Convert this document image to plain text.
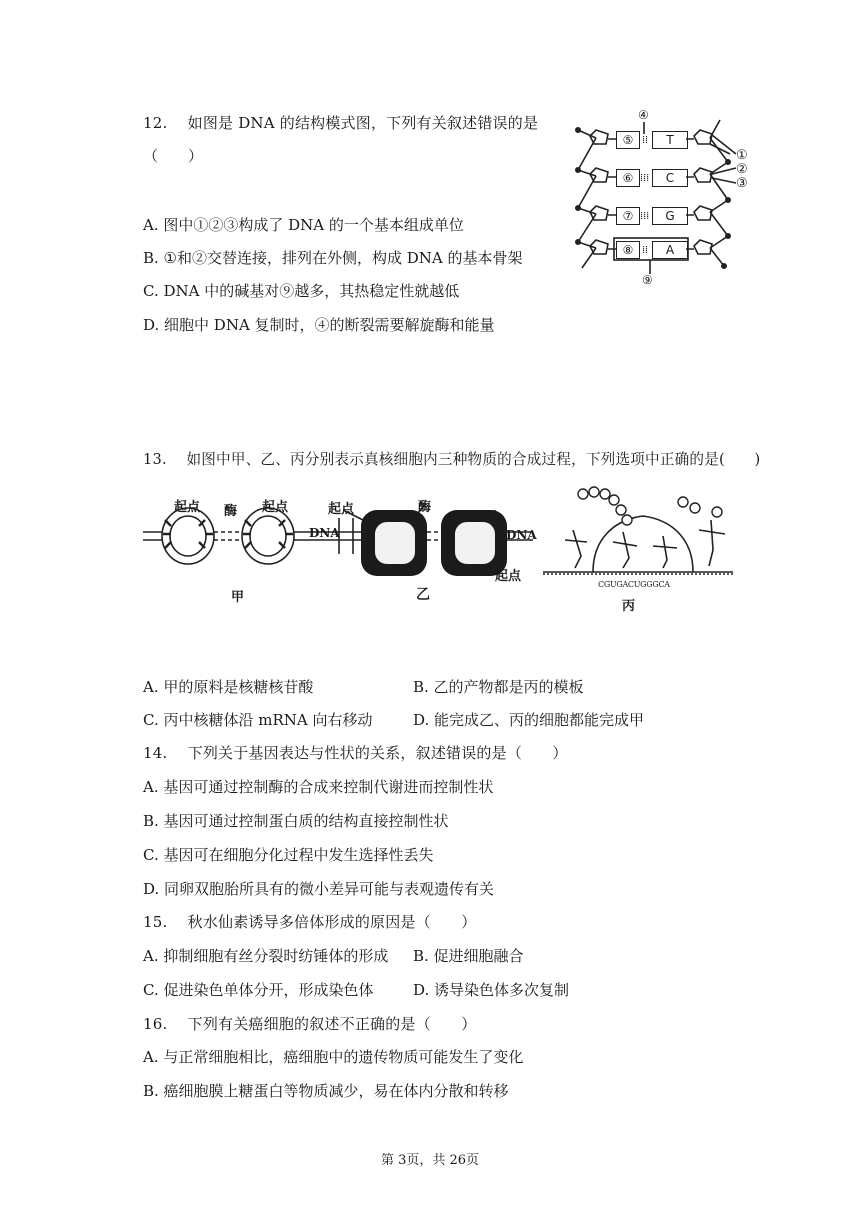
12.　 如图是 DNA 的结构模式图，下列有关叙述错误的是
（　　）
A. 图中①②③构成了 DNA 的一个基本组成单位
B. ①和②交替连接，排列在外侧，构成 DNA 的基本骨架
C. DNA 中的碱基对⑨越多，其热稳定性就越低
D. 细胞中 DNA 复制时，④的断裂需要解旋酶和能量
⑤ ⁞⁞	T
⑥ ⁞⁞⁞	C
⑦ ⁞⁞⁞	G
⑧ ⁞⁞	A
④
①
②
③
⑨
13.　 如图中甲、乙、丙分别表示真核细胞内三种物质的合成过程，下列选项中正确的是(　　)
起点 酶 起点
甲
DNA
起点	酶
DNA
起点
乙
CGUGACUGGGCA
丙
A. 甲的原料是核糖核苷酸	B. 乙的产物都是丙的模板
C. 丙中核糖体沿 mRNA 向右移动	D. 能完成乙、丙的细胞都能完成甲
14.　 下列关于基因表达与性状的关系，叙述错误的是（　　）
A. 基因可通过控制酶的合成来控制代谢进而控制性状
B. 基因可通过控制蛋白质的结构直接控制性状
C. 基因可在细胞分化过程中发生选择性丢失
D. 同卵双胞胎所具有的微小差异可能与表观遗传有关
15.　 秋水仙素诱导多倍体形成的原因是（　　）
A. 抑制细胞有丝分裂时纺锤体的形成 B. 促进细胞融合
C. 促进染色单体分开，形成染色体	D. 诱导染色体多次复制
16.　 下列有关癌细胞的叙述不正确的是（　　）
A. 与正常细胞相比，癌细胞中的遗传物质可能发生了变化
B. 癌细胞膜上糖蛋白等物质减少，易在体内分散和转移
第 3页，共 26页
